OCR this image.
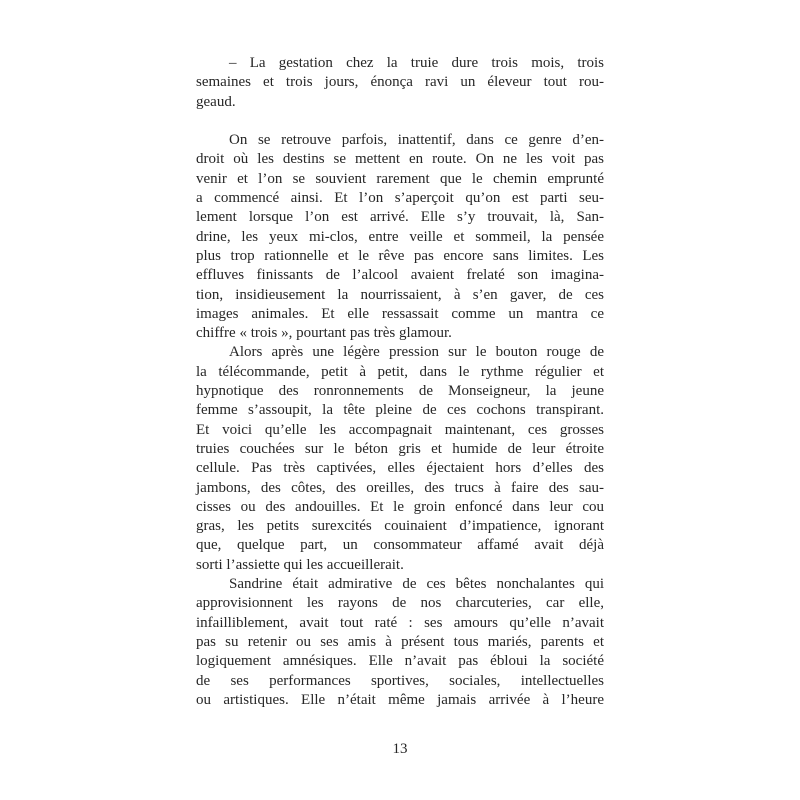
– La gestation chez la truie dure trois mois, trois
semaines et trois jours, énonça ravi un éleveur tout rou-
geaud.
On se retrouve parfois, inattentif, dans ce genre d’en-
droit où les destins se mettent en route. On ne les voit pas
venir et l’on se souvient rarement que le chemin emprunté
a commencé ainsi. Et l’on s’aperçoit qu’on est parti seu-
lement lorsque l’on est arrivé. Elle s’y trouvait, là, San-
drine, les yeux mi-clos, entre veille et sommeil, la pensée
plus trop rationnelle et le rêve pas encore sans limites. Les
effluves finissants de l’alcool avaient frelaté son imagina-
tion, insidieusement la nourrissaient, à s’en gaver, de ces
images animales. Et elle ressassait comme un mantra ce
chiffre « trois », pourtant pas très glamour.
Alors après une légère pression sur le bouton rouge de
la télécommande, petit à petit, dans le rythme régulier et
hypnotique des ronronnements de Monseigneur, la jeune
femme s’assoupit, la tête pleine de ces cochons transpirant.
Et voici qu’elle les accompagnait maintenant, ces grosses
truies couchées sur le béton gris et humide de leur étroite
cellule. Pas très captivées, elles éjectaient hors d’elles des
jambons, des côtes, des oreilles, des trucs à faire des sau-
cisses ou des andouilles. Et le groin enfoncé dans leur cou
gras, les petits surexcités couinaient d’impatience, ignorant
que, quelque part, un consommateur affamé avait déjà
sorti l’assiette qui les accueillerait.
Sandrine était admirative de ces bêtes nonchalantes qui
approvisionnent les rayons de nos charcuteries, car elle,
infailliblement, avait tout raté : ses amours qu’elle n’avait
pas su retenir ou ses amis à présent tous mariés, parents et
logiquement amnésiques. Elle n’avait pas ébloui la société
de ses performances sportives, sociales, intellectuelles
ou artistiques. Elle n’était même jamais arrivée à l’heure
13
